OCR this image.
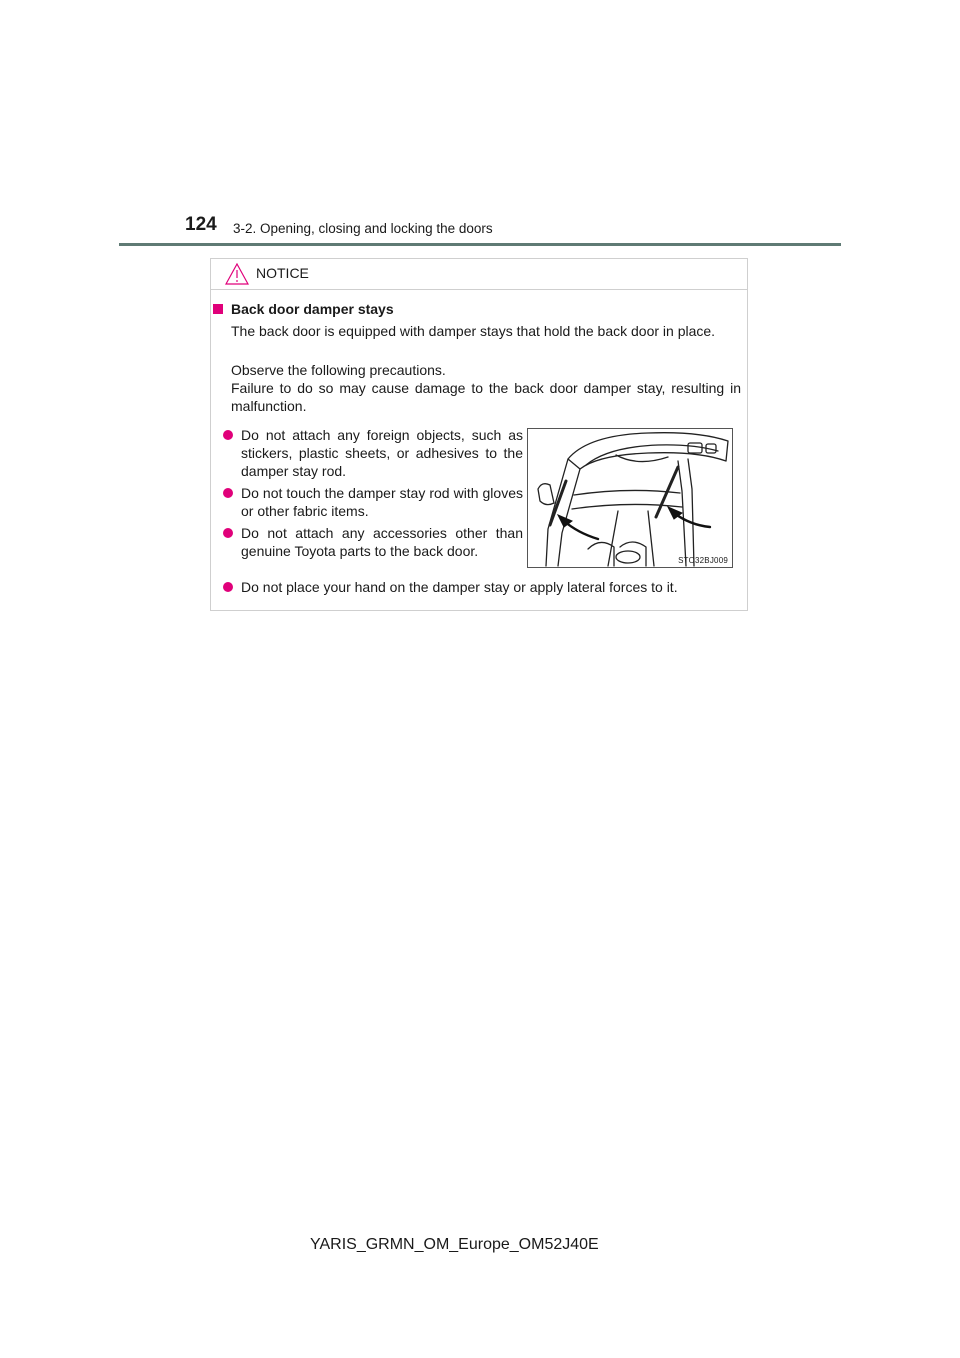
124 3-2. Opening, closing and locking the doors
NOTICE
Back door damper stays

The back door is equipped with damper stays that hold the back door in place.

Observe the following precautions.
Failure to do so may cause damage to the back door damper stay, resulting in malfunction.

Do not attach any foreign objects, such as stickers, plastic sheets, or adhesives to the damper stay rod.

Do not touch the damper stay rod with gloves or other fabric items.

Do not attach any accessories other than genuine Toyota parts to the back door.

Do not place your hand on the damper stay or apply lateral forces to it.

STO32BJ009
YARIS_GRMN_OM_Europe_OM52J40E
